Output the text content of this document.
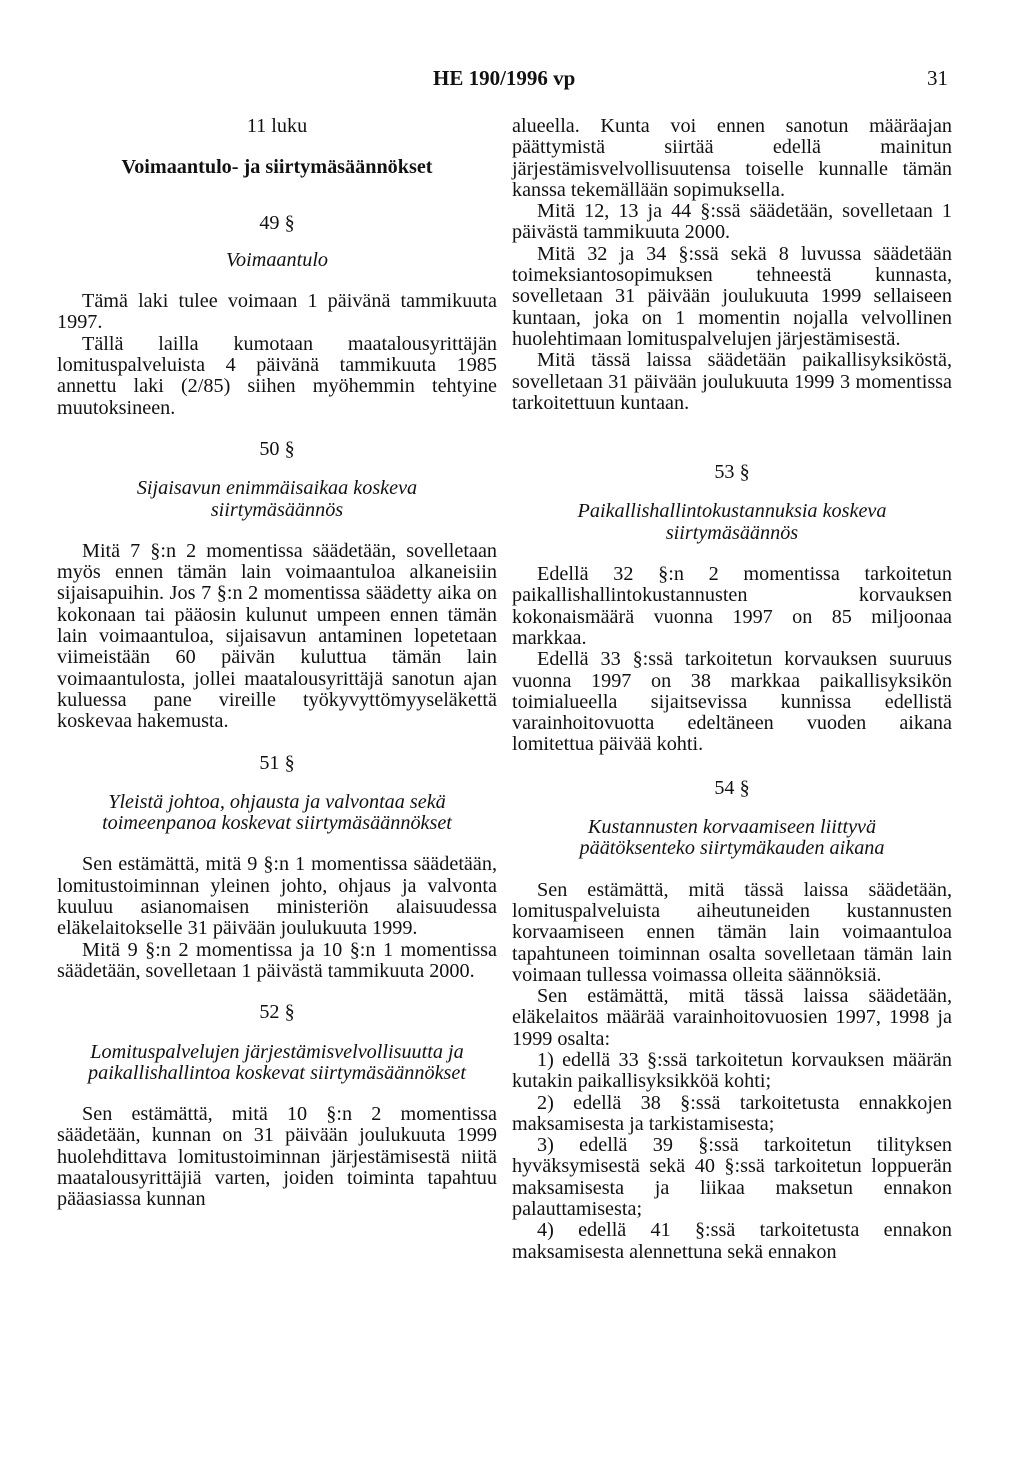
HE 190/1996 vp	31
11 luku
Voimaantulo- ja siirtymäsäännökset
49 §
Voimaantulo

Tämä laki tulee voimaan 1 päivänä tammikuuta 1997.

Tällä lailla kumotaan maatalousyrittäjän lomituspalveluista 4 päivänä tammikuuta 1985 annettu laki (2/85) siihen myöhemmin tehtyine muutoksineen.

50 §
Sijaisavun enimmäisaikaa koskeva siirtymäsäännös

Mitä 7 §:n 2 momentissa säädetään, sovelletaan myös ennen tämän lain voimaantuloa alkaneisiin sijaisapuihin. Jos 7 §:n 2 momentissa säädetty aika on kokonaan tai pääosin kulunut umpeen ennen tämän lain voimaantuloa, sijaisavun antaminen lopetetaan viimeistään 60 päivän kuluttua tämän lain voimaantulosta, jollei maatalousyrittäjä sanotun ajan kuluessa pane vireille työkyvyttömyyseläkettä koskevaa hakemusta.

51 §
Yleistä johtoa, ohjausta ja valvontaa sekä toimeenpanoa koskevat siirtymäsäännökset

Sen estämättä, mitä 9 §:n 1 momentissa säädetään, lomitustoiminnan yleinen johto, ohjaus ja valvonta kuuluu asianomaisen ministeriön alaisuudessa eläkelaitokselle 31 päivään joulukuuta 1999.

Mitä 9 §:n 2 momentissa ja 10 §:n 1 momentissa säädetään, sovelletaan 1 päivästä tammikuuta 2000.

52 §
Lomituspalvelujen järjestämisvelvollisuutta ja paikallishallintoa koskevat siirtymäsäännökset

Sen estämättä, mitä 10 §:n 2 momentissa säädetään, kunnan on 31 päivään joulukuuta 1999 huolehdittava lomitustoiminnan järjestämisestä niitä maatalousyrittäjiä varten, joiden toiminta tapahtuu pääasiassa kunnan

alueella. Kunta voi ennen sanotun määräajan päättymistä siirtää edellä mainitun järjestämisvelvollisuutensa toiselle kunnalle tämän kanssa tekemällään sopimuksella.

Mitä 12, 13 ja 44 §:ssä säädetään, sovelletaan 1 päivästä tammikuuta 2000.

Mitä 32 ja 34 §:ssä sekä 8 luvussa säädetään toimeksiantosopimuksen tehneestä kunnasta, sovelletaan 31 päivään joulukuuta 1999 sellaiseen kuntaan, joka on 1 momentin nojalla velvollinen huolehtimaan lomituspalvelujen järjestämisestä.

Mitä tässä laissa säädetään paikallisyksiköstä, sovelletaan 31 päivään joulukuuta 1999 3 momentissa tarkoitettuun kuntaan.

53 §
Paikallishallintokustannuksia koskeva siirtymäsäännös

Edellä 32 §:n 2 momentissa tarkoitetun paikallishallintokustannusten korvauksen kokonaismäärä vuonna 1997 on 85 miljoonaa markkaa.

Edellä 33 §:ssä tarkoitetun korvauksen suuruus vuonna 1997 on 38 markkaa paikallisyksikön toimialueella sijaitsevissa kunnissa edellistä varainhoitovuotta edeltäneen vuoden aikana lomitettua päivää kohti.

54 §
Kustannusten korvaamiseen liittyvä päätöksenteko siirtymäkauden aikana

Sen estämättä, mitä tässä laissa säädetään, lomituspalveluista aiheutuneiden kustannusten korvaamiseen ennen tämän lain voimaantuloa tapahtuneen toiminnan osalta sovelletaan tämän lain voimaan tullessa voimassa olleita säännöksiä.

Sen estämättä, mitä tässä laissa säädetään, eläkelaitos määrää varainhoitovuosien 1997, 1998 ja 1999 osalta:

1) edellä 33 §:ssä tarkoitetun korvauksen määrän kutakin paikallisyksikköä kohti;

2) edellä 38 §:ssä tarkoitetusta ennakkojen maksamisesta ja tarkistamisesta;

3) edellä 39 §:ssä tarkoitetun tilityksen hyväksymisestä sekä 40 §:ssä tarkoitetun loppuerän maksamisesta ja liikaa maksetun ennakon palauttamisesta;

4) edellä 41 §:ssä tarkoitetusta ennakon maksamisesta alennettuna sekä ennakon
